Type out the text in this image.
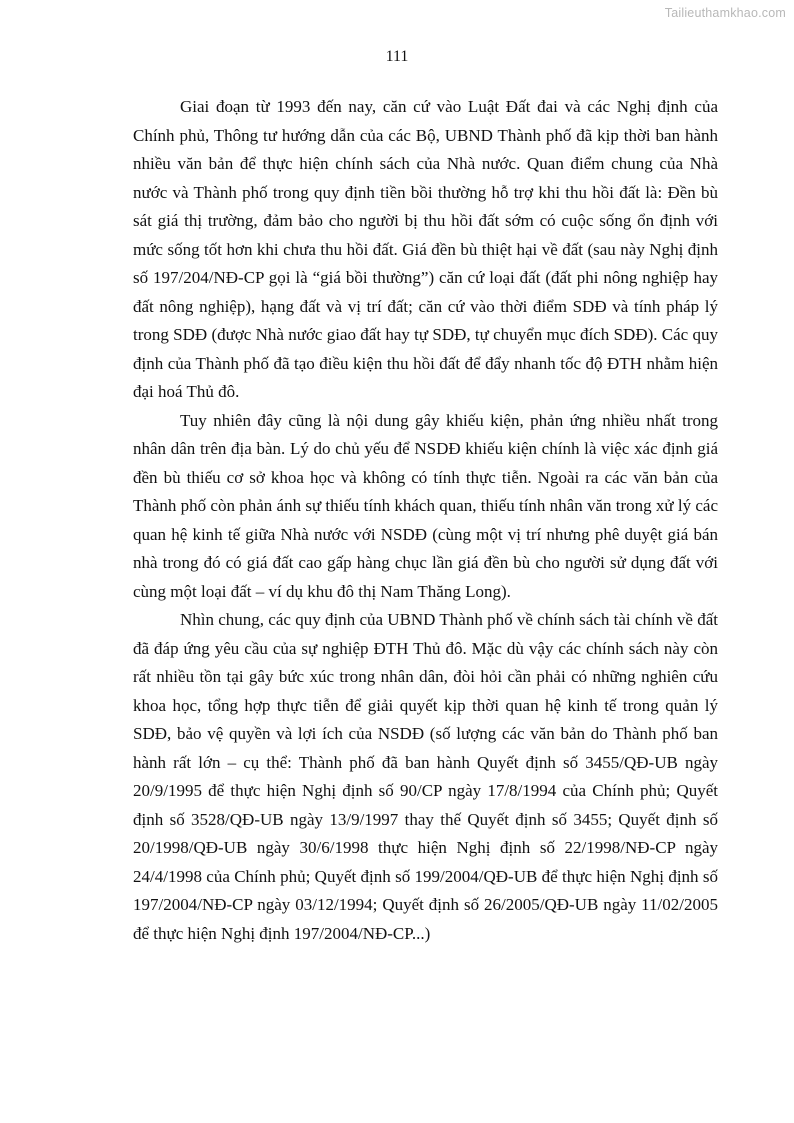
Tailieuthamkhao.com
111

Giai đoạn từ 1993 đến nay, căn cứ vào Luật Đất đai và các Nghị định của Chính phủ, Thông tư hướng dẫn của các Bộ, UBND Thành phố đã kịp thời ban hành nhiều văn bản để thực hiện chính sách của Nhà nước. Quan điểm chung của Nhà nước và Thành phố trong quy định tiền bồi thường hỗ trợ khi thu hồi đất là: Đền bù sát giá thị trường, đảm bảo cho người bị thu hồi đất sớm có cuộc sống ổn định với mức sống tốt hơn khi chưa thu hồi đất. Giá đền bù thiệt hại về đất (sau này Nghị định số 197/204/NĐ-CP gọi là “giá bồi thường”) căn cứ loại đất (đất phi nông nghiệp hay đất nông nghiệp), hạng đất và vị trí đất; căn cứ vào thời điểm SDĐ và tính pháp lý trong SDĐ (được Nhà nước giao đất hay tự SDĐ, tự chuyển mục đích SDĐ). Các quy định của Thành phố đã tạo điều kiện thu hồi đất để đẩy nhanh tốc độ ĐTH nhằm hiện đại hoá Thủ đô.

Tuy nhiên đây cũng là nội dung gây khiếu kiện, phản ứng nhiều nhất trong nhân dân trên địa bàn. Lý do chủ yếu để NSDĐ khiếu kiện chính là việc xác định giá đền bù thiếu cơ sở khoa học và không có tính thực tiễn. Ngoài ra các văn bản của Thành phố còn phản ánh sự thiếu tính khách quan, thiếu tính nhân văn trong xử lý các quan hệ kinh tế giữa Nhà nước với NSDĐ (cùng một vị trí nhưng phê duyệt giá bán nhà trong đó có giá đất cao gấp hàng chục lần giá đền bù cho người sử dụng đất với cùng một loại đất – ví dụ khu đô thị Nam Thăng Long).

Nhìn chung, các quy định của UBND Thành phố về chính sách tài chính về đất đã đáp ứng yêu cầu của sự nghiệp ĐTH Thủ đô. Mặc dù vậy các chính sách này còn rất nhiều tồn tại gây bức xúc trong nhân dân, đòi hỏi cần phải có những nghiên cứu khoa học, tổng hợp thực tiễn để giải quyết kịp thời quan hệ kinh tế trong quản lý SDĐ, bảo vệ quyền và lợi ích của NSDĐ (số lượng các văn bản do Thành phố ban hành rất lớn – cụ thể: Thành phố đã ban hành Quyết định số 3455/QĐ-UB ngày 20/9/1995 để thực hiện Nghị định số 90/CP ngày 17/8/1994 của Chính phủ; Quyết định số 3528/QĐ-UB ngày 13/9/1997 thay thế Quyết định số 3455; Quyết định số 20/1998/QĐ-UB ngày 30/6/1998 thực hiện Nghị định số 22/1998/NĐ-CP ngày 24/4/1998 của Chính phủ; Quyết định số 199/2004/QĐ-UB để thực hiện Nghị định số 197/2004/NĐ-CP ngày 03/12/1994; Quyết định số 26/2005/QĐ-UB ngày 11/02/2005 để thực hiện Nghị định 197/2004/NĐ-CP...)
